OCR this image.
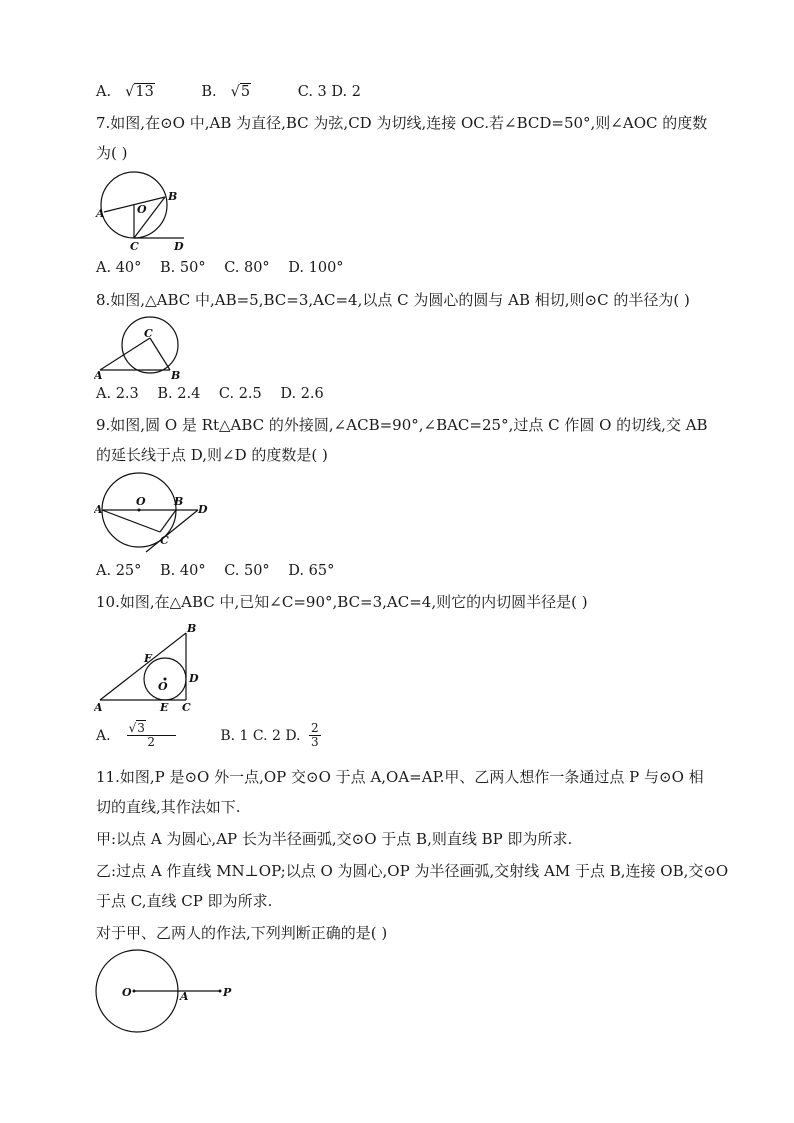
A. √13	B. √5	C. 3 D. 2
7.如图,在⊙O 中,AB 为直径,BC 为弦,CD 为切线,连接 OC.若∠BCD=50°,则∠AOC 的度数
为( )
A
B
O
C	D
A. 40° B. 50° C. 80° D. 100°
8.如图,△ABC 中,AB=5,BC=3,AC=4,以点 C 为圆心的圆与 AB 相切,则⊙C 的半径为( )
C
A	B
A. 2.3 B. 2.4 C. 2.5 D. 2.6
9.如图,圆 O 是 Rt△ABC 的外接圆,∠ACB=90°,∠BAC=25°,过点 C 作圆 O 的切线,交 AB
的延长线于点 D,则∠D 的度数是( )
A
O	B
D
C
A. 25° B. 40° C. 50° D. 65°
10.如图,在△ABC 中,已知∠C=90°,BC=3,AC=4,则它的内切圆半径是( )
B
F
O
D
A	E C
A. $\frac{√3}{2} B$. 1 C. 2 D. $\frac{2}{3}$
11.如图,P 是⊙O 外一点,OP 交⊙O 于点 A,OA=AP.甲、乙两人想作一条通过点 P 与⊙O 相
切的直线,其作法如下.
甲:以点 A 为圆心,AP 长为半径画弧,交⊙O 于点 B,则直线 BP 即为所求.
乙:过点 A 作直线 MN⊥OP;以点 O 为圆心,OP 为半径画弧,交射线 AM 于点 B,连接 OB,交⊙O
于点 C,直线 CP 即为所求.
对于甲、乙两人的作法,下列判断正确的是( )
O	A	P
